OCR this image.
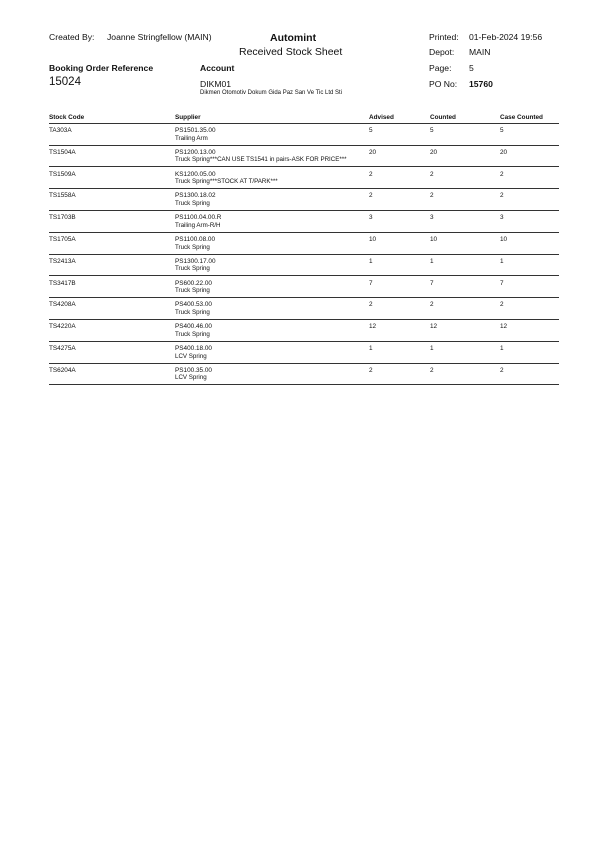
Created By: Joanne Stringfellow (MAIN)	Automint
Received Stock Sheet
Printed: 01-Feb-2024 19:56
Depot: MAIN
Page: 5
Booking Order Reference
15024
Account
DIKM01
Dikmen Otomotiv Dokum Gida Paz San Ve Tic Ltd Sti
PO No: 15760
Stock Code	Supplier	Advised	Counted	Case Counted
TA303A	PS1501.35.00	5	5	5
Trailing Arm
TS1504A	PS1200.13.00	20	20	20
Truck Spring***CAN USE TS1541 in pairs-ASK FOR PRICE***
TS1509A	KS1200.05.00	2	2	2
Truck Spring***STOCK AT T/PARK***
TS1558A	PS1300.18.02	2	2	2
Truck Spring
TS1703B	PS1100.04.00.R	3	3	3
Trailing Arm-R/H
TS1705A	PS1100.08.00	10	10	10
Truck Spring
TS2413A	PS1300.17.00	1	1	1
Truck Spring
TS3417B	PS600.22.00	7	7	7
Truck Spring
TS4208A	PS400.53.00	2	2	2
Truck Spring
TS4220A	PS400.46.00	12	12	12
Truck Spring
TS4275A	PS400.18.00	1	1	1
LCV Spring
TS6204A	PS100.35.00	2	2	2
LCV Spring
